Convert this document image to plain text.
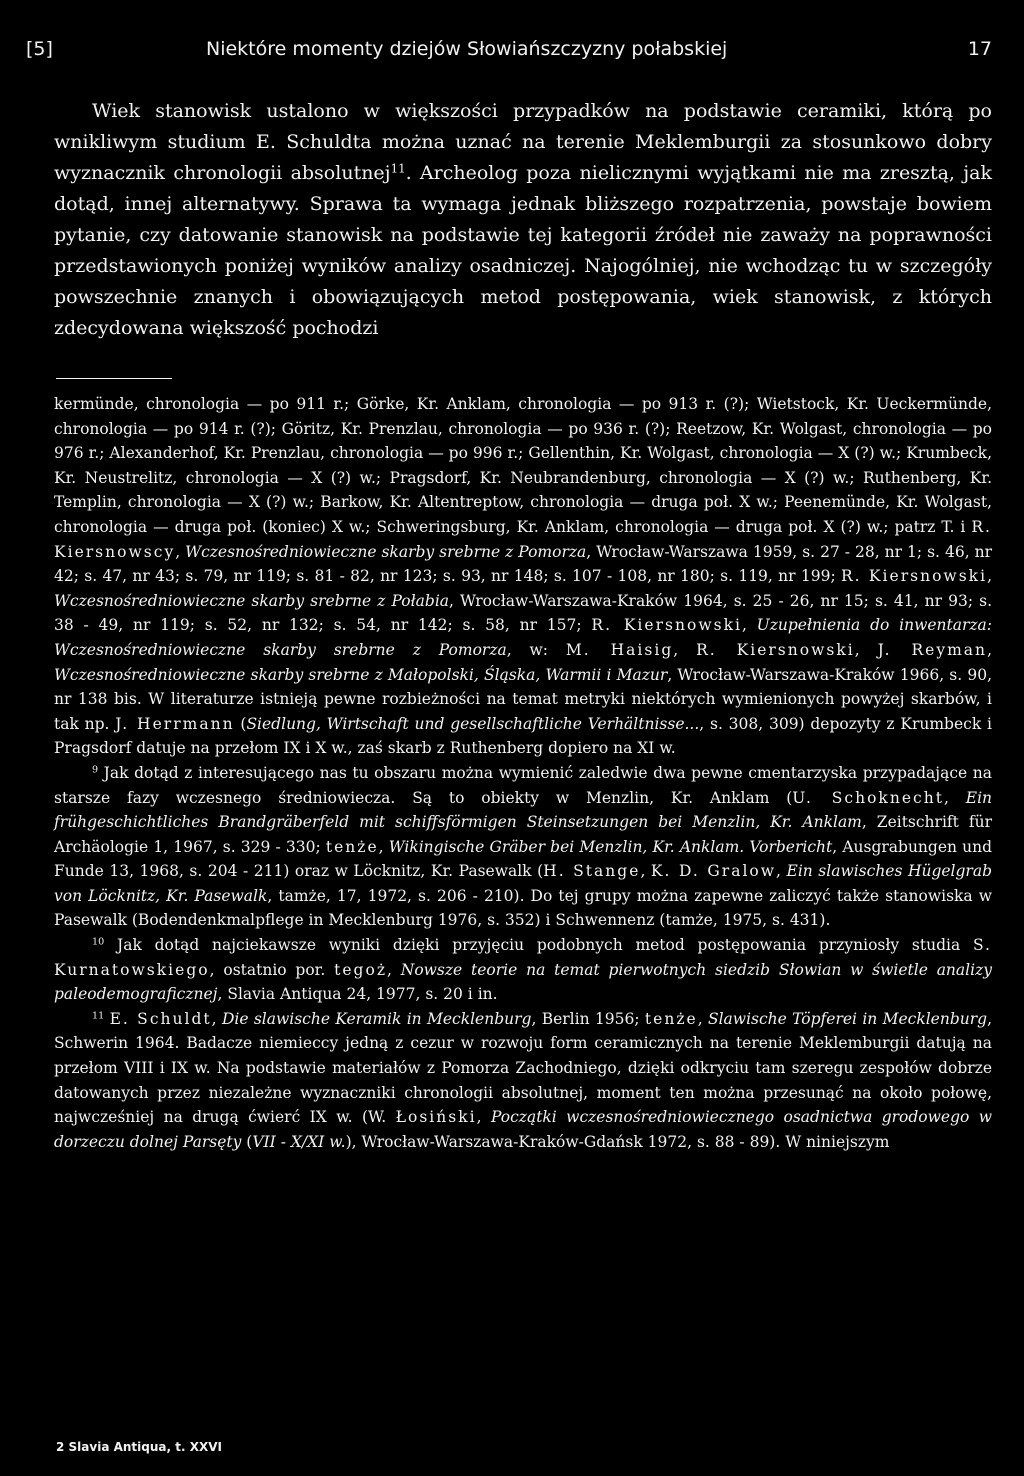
[5]	Niektóre momenty dziejów Słowiańszczyzny połabskiej	17

Wiek stanowisk ustalono w większości przypadków na podstawie ceramiki, którą po wnikliwym studium E. Schuldta można uznać na terenie Meklemburgii za stosunkowo dobry wyznacznik chronologii absolutnej$^{11}$. Archeolog poza nielicznymi wyjątkami nie ma zresztą, jak dotąd, innej alternatywy. Sprawa ta wymaga jednak bliższego rozpatrzenia, powstaje bowiem pytanie, czy datowanie stanowisk na podstawie tej kategorii źródeł nie zaważy na poprawności przedstawionych poniżej wyników analizy osadniczej. Najogólniej, nie wchodząc tu w szczegóły powszechnie znanych i obowiązujących metod postępowania, wiek stanowisk, z których zdecydowana większość pochodzi

kermünde, chronologia — po 911 r.; Görke, Kr. Anklam, chronologia — po 913 r. (?); Wietstock, Kr. Ueckermünde, chronologia — po 914 r. (?); Göritz, Kr. Prenzlau, chronologia — po 936 r. (?); Reetzow, Kr. Wolgast, chronologia — po 976 r.; Alexanderhof, Kr. Prenzlau, chronologia — po 996 r.; Gellenthin, Kr. Wolgast, chronologia — X (?) w.; Krumbeck, Kr. Neustrelitz, chronologia — X (?) w.; Pragsdorf, Kr. Neubrandenburg, chronologia — X (?) w.; Ruthenberg, Kr. Templin, chronologia — X (?) w.; Barkow, Kr. Altentreptow, chronologia — druga poł. X w.; Peenemünde, Kr. Wolgast, chronologia — druga poł. (koniec) X w.; Schweringsburg, Kr. Anklam, chronologia — druga poł. X (?) w.; patrz T. i R. Kiersnowscy, Wczesnośredniowieczne skarby srebrne z Pomorza, Wrocław-Warszawa 1959, s. 27 - 28, nr 1; s. 46, nr 42; s. 47, nr 43; s. 79, nr 119; s. 81 - 82, nr 123; s. 93, nr 148; s. 107 - 108, nr 180; s. 119, nr 199; R. Kiersnowski, Wczesnośredniowieczne skarby srebrne z Połabia, Wrocław-Warszawa-Kraków 1964, s. 25 - 26, nr 15; s. 41, nr 93; s. 38 - 49, nr 119; s. 52, nr 132; s. 54, nr 142; s. 58, nr 157; R. Kiersnowski, Uzupełnienia do inwentarza: Wczesnośredniowieczne skarby srebrne z Pomorza, w: M. Haisig, R. Kiersnowski, J. Reyman, Wczesnośredniowieczne skarby srebrne z Małopolski, Śląska, Warmii i Mazur, Wrocław-Warszawa-Kraków 1966, s. 90, nr 138 bis. W literaturze istnieją pewne rozbieżności na temat metryki niektórych wymienionych powyżej skarbów, i tak np. J. Herrmann (Siedlung, Wirtschaft und gesellschaftliche Verhältnisse..., s. 308, 309) depozyty z Krumbeck i Pragsdorf datuje na przełom IX i X w., zaś skarb z Ruthenberg dopiero na XI w.

$^9$ Jak dotąd z interesującego nas tu obszaru można wymienić zaledwie dwa pewne cmentarzyska przypadające na starsze fazy wczesnego średniowiecza. Są to obiekty w Menzlin, Kr. Anklam (U. Schoknecht, Ein frühgeschichtliches Brandgräberfeld mit schiffsförmigen Steinsetzungen bei Menzlin, Kr. Anklam, Zeitschrift für Archäologie 1, 1967, s. 329 - 330; tenże, Wikingische Gräber bei Menzlin, Kr. Anklam. Vorbericht, Ausgrabungen und Funde 13, 1968, s. 204 - 211) oraz w Löcknitz, Kr. Pasewalk (H. Stange, K. D. Gralow, Ein slawisches Hügelgrab von Löcknitz, Kr. Pasewalk, tamże, 17, 1972, s. 206 - 210). Do tej grupy można zapewne zaliczyć także stanowiska w Pasewalk (Bodendenkmalpflege in Mecklenburg 1976, s. 352) i Schwennenz (tamże, 1975, s. 431).

$^{10}$ Jak dotąd najciekawsze wyniki dzięki przyjęciu podobnych metod postępowania przyniosły studia S. Kurnatowskiego, ostatnio por. tegoż, Nowsze teorie na temat pierwotnych siedzib Słowian w świetle analizy paleodemograficznej, Slavia Antiqua 24, 1977, s. 20 i in.

$^{11}$ E. Schuldt, Die slawische Keramik in Mecklenburg, Berlin 1956; tenże, Slawische Töpferei in Mecklenburg, Schwerin 1964. Badacze niemieccy jedną z cezur w rozwoju form ceramicznych na terenie Meklemburgii datują na przełom VIII i IX w. Na podstawie materiałów z Pomorza Zachodniego, dzięki odkryciu tam szeregu zespołów dobrze datowanych przez niezależne wyznaczniki chronologii absolutnej, moment ten można przesunąć na około połowę, najwcześniej na drugą ćwierć IX w. (W. Łosiński, Początki wczesnośredniowiecznego osadnictwa grodowego w dorzeczu dolnej Parsęty (VII - X/XI w.), Wrocław-Warszawa-Kraków-Gdańsk 1972, s. 88 - 89). W niniejszym

2 Slavia Antiqua, t. XXVI
